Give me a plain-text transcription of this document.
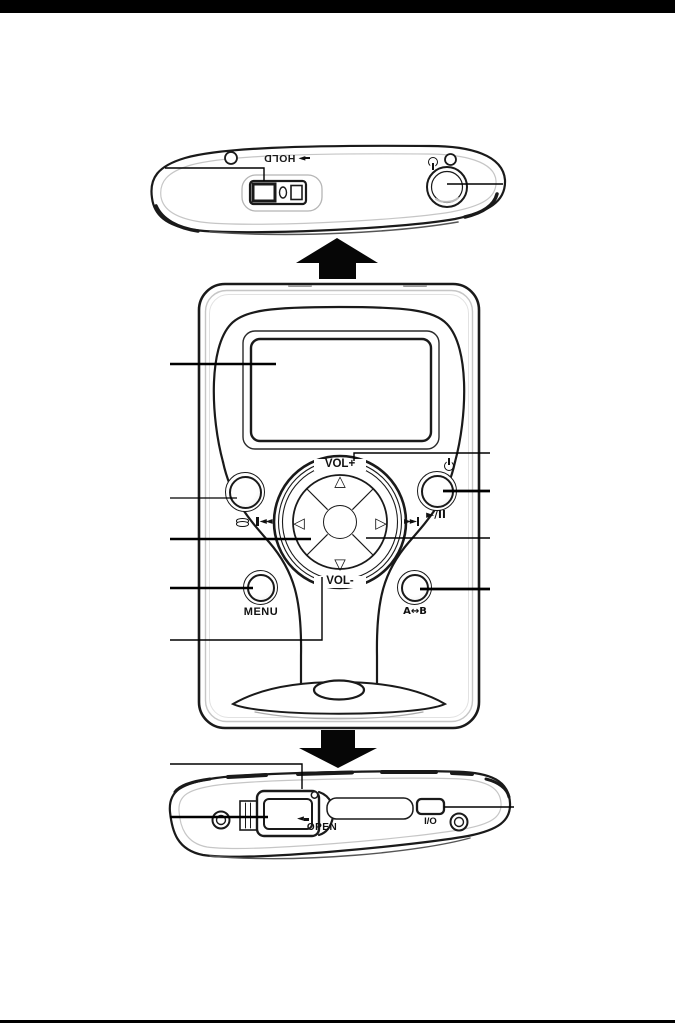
►
HOLD
►/II
MENU	A↔B
△
▽
◁	▷
◄◄	►►
VOL+
VOL-
◄
OPEN
I/O
